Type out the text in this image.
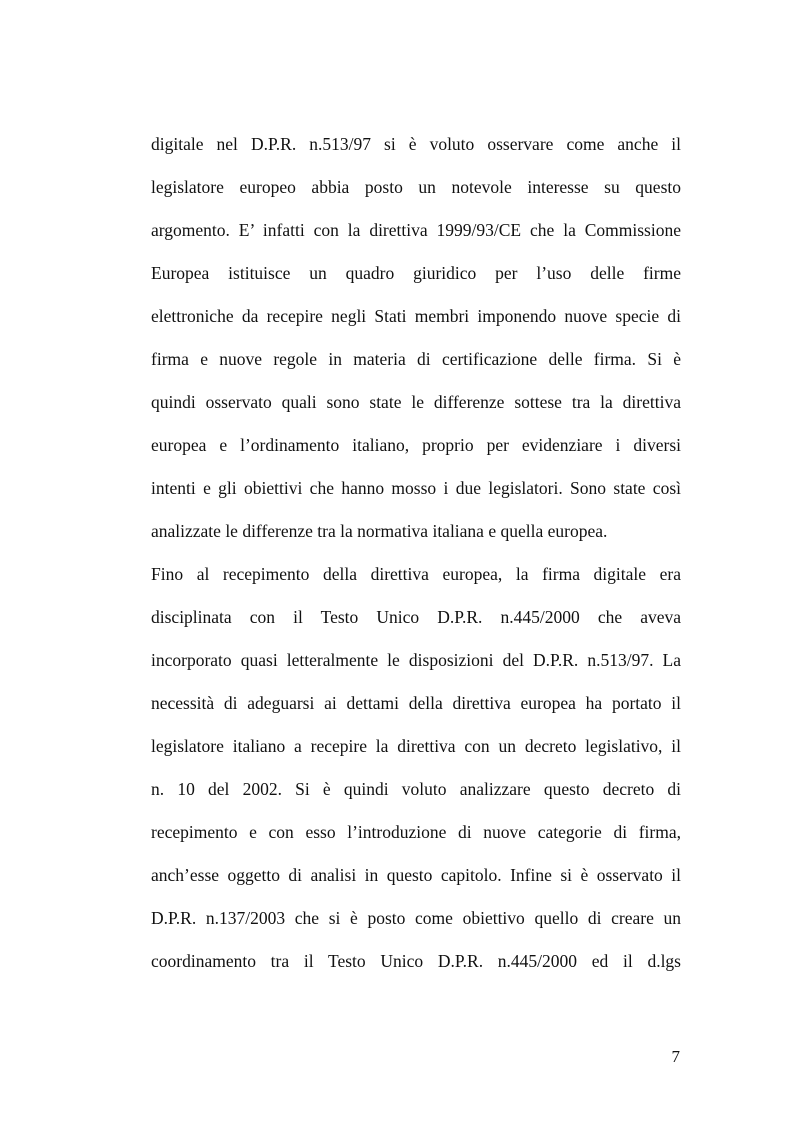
digitale nel D.P.R. n.513/97 si è voluto osservare come anche il
legislatore europeo abbia posto un notevole interesse su questo
argomento. E’ infatti con la direttiva 1999/93/CE che la Commissione
Europea istituisce un quadro giuridico per l’uso delle firme
elettroniche da recepire negli Stati membri imponendo nuove specie di
firma e nuove regole in materia di certificazione delle firma. Si è
quindi osservato quali sono state le differenze sottese tra la direttiva
europea e l’ordinamento italiano, proprio per evidenziare i diversi
intenti e gli obiettivi che hanno mosso i due legislatori. Sono state così
analizzate le differenze tra la normativa italiana e quella europea.
Fino al recepimento della direttiva europea, la firma digitale era
disciplinata con il Testo Unico D.P.R. n.445/2000 che aveva
incorporato quasi letteralmente le disposizioni del D.P.R. n.513/97. La
necessità di adeguarsi ai dettami della direttiva europea ha portato il
legislatore italiano a recepire la direttiva con un decreto legislativo, il
n. 10 del 2002. Si è quindi voluto analizzare questo decreto di
recepimento e con esso l’introduzione di nuove categorie di firma,
anch’esse oggetto di analisi in questo capitolo. Infine si è osservato il
D.P.R. n.137/2003 che si è posto come obiettivo quello di creare un
coordinamento tra il Testo Unico D.P.R. n.445/2000 ed il d.lgs
7
